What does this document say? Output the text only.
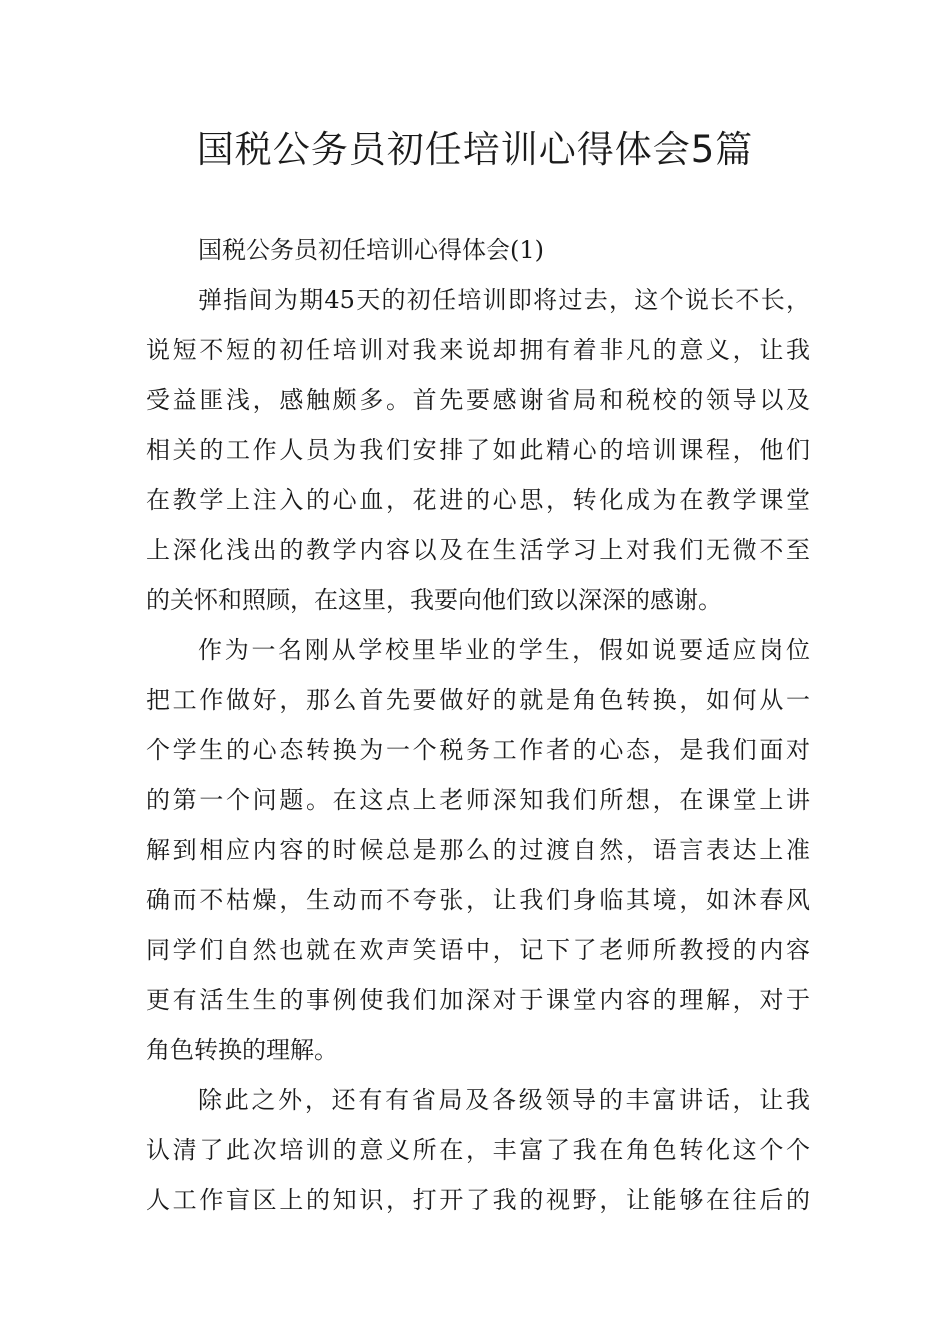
国税公务员初任培训心得体会5篇
国税公务员初任培训心得体会(1)
弹指间为期45天的初任培训即将过去，这个说长不长，
说短不短的初任培训对我来说却拥有着非凡的意义，让我
受益匪浅，感触颇多。首先要感谢省局和税校的领导以及
相关的工作人员为我们安排了如此精心的培训课程，他们
在教学上注入的心血，花进的心思，转化成为在教学课堂
上深化浅出的教学内容以及在生活学习上对我们无微不至
的关怀和照顾，在这里，我要向他们致以深深的感谢。
作为一名刚从学校里毕业的学生，假如说要适应岗位
把工作做好，那么首先要做好的就是角色转换，如何从一
个学生的心态转换为一个税务工作者的心态，是我们面对
的第一个问题。在这点上老师深知我们所想，在课堂上讲
解到相应内容的时候总是那么的过渡自然，语言表达上准
确而不枯燥，生动而不夸张，让我们身临其境，如沐春风
同学们自然也就在欢声笑语中，记下了老师所教授的内容
更有活生生的事例使我们加深对于课堂内容的理解，对于
角色转换的理解。
除此之外，还有有省局及各级领导的丰富讲话，让我
认清了此次培训的意义所在，丰富了我在角色转化这个个
人工作盲区上的知识，打开了我的视野，让能够在往后的
